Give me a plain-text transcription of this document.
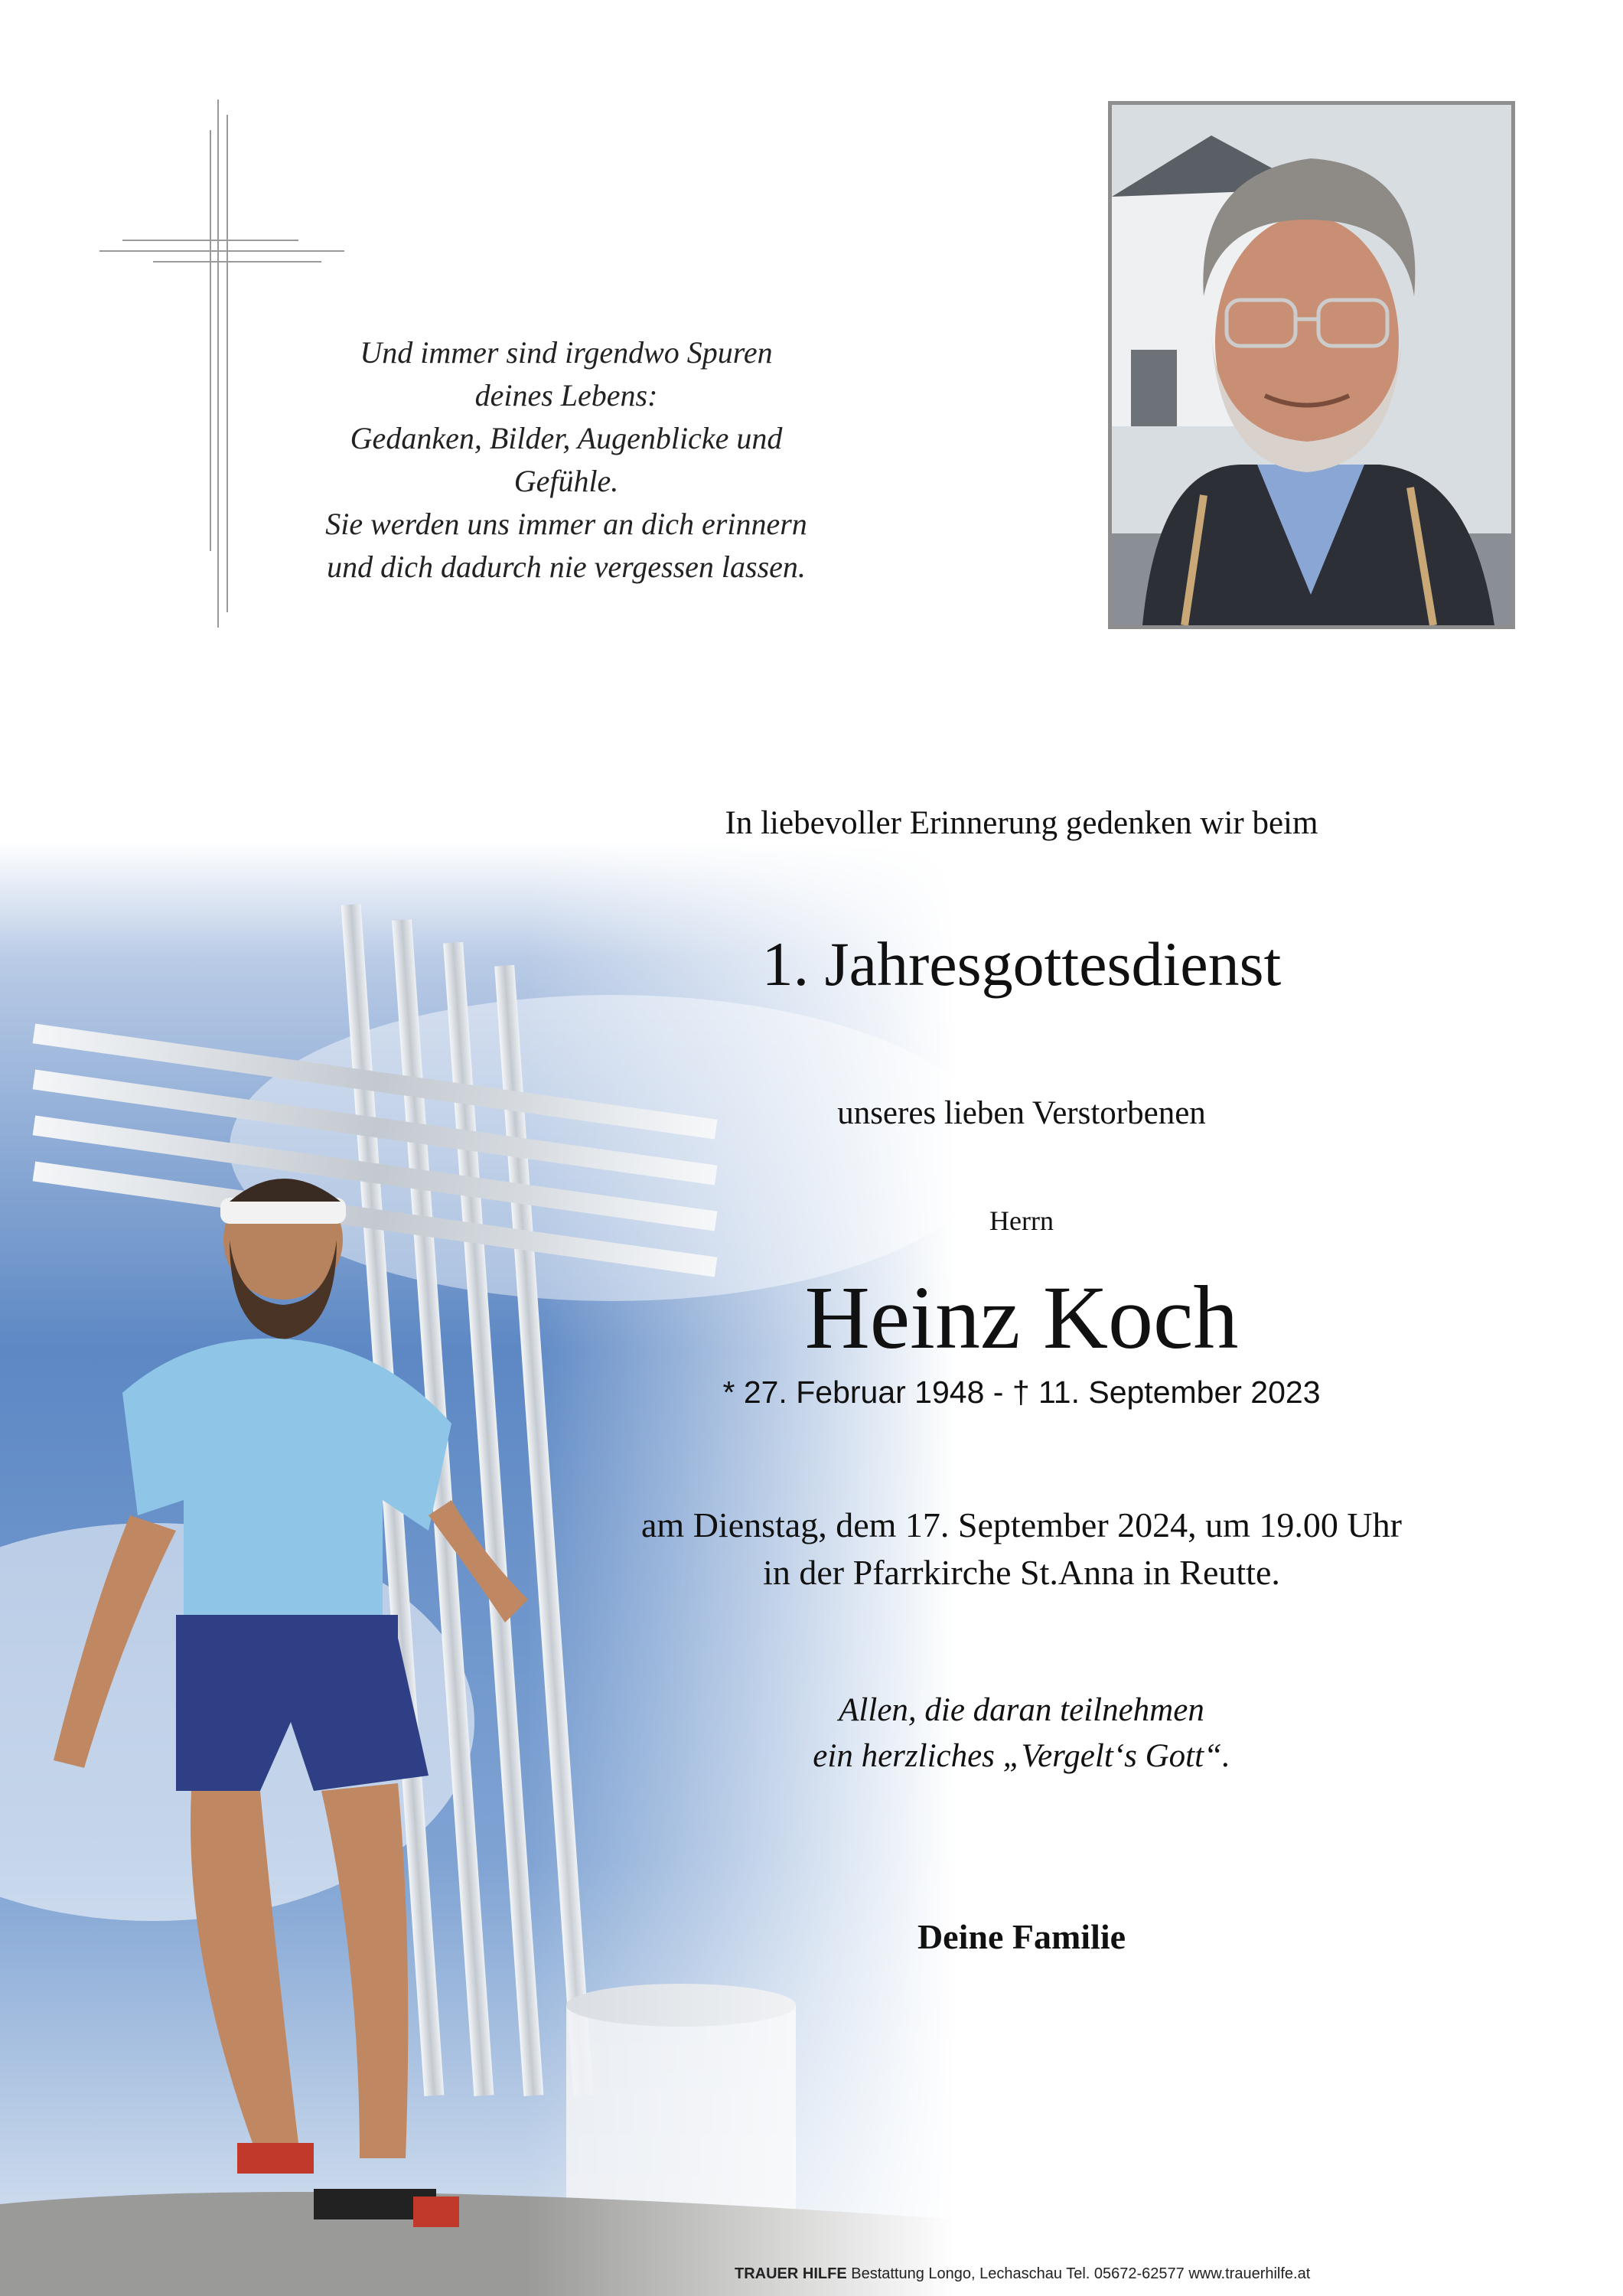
Und immer sind irgendwo Spuren deines Lebens:
Gedanken, Bilder, Augenblicke und Gefühle.
Sie werden uns immer an dich erinnern
und dich dadurch nie vergessen lassen.
In liebevoller Erinnerung gedenken wir beim
1. Jahresgottesdienst
unseres lieben Verstorbenen
Herrn
Heinz Koch
* 27. Februar 1948 - † 11. September 2023
am Dienstag, dem 17. September 2024, um 19.00 Uhr
in der Pfarrkirche St.Anna in Reutte.
Allen, die daran teilnehmen
ein herzliches „Vergelt‘s Gott“.
Deine Familie
TRAUER HILFE Bestattung Longo, Lechaschau Tel. 05672-62577 www.trauerhilfe.at
